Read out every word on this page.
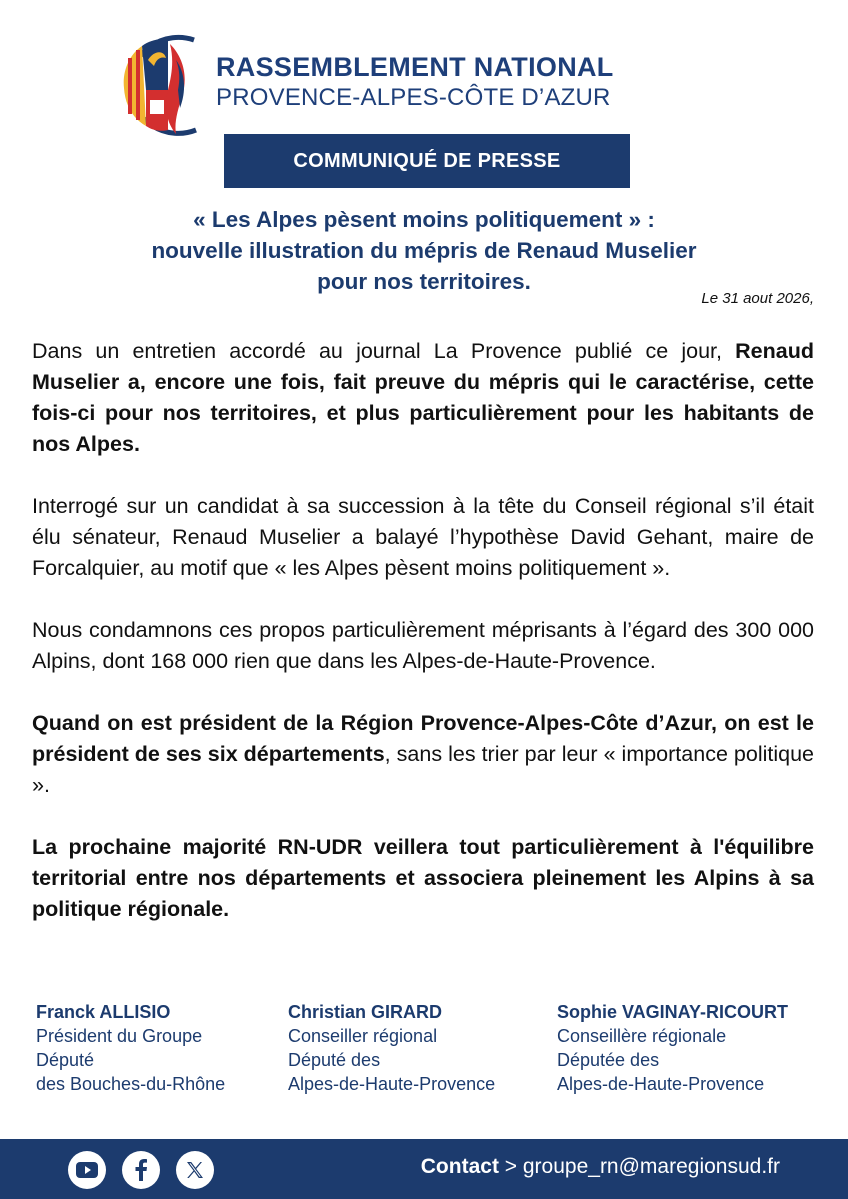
RASSEMBLEMENT NATIONAL
PROVENCE-ALPES-CÔTE D’AZUR
COMMUNIQUÉ DE PRESSE
« Les Alpes pèsent moins politiquement » :
nouvelle illustration du mépris de Renaud Muselier
pour nos territoires.
Le 31 aout 2026,

Dans un entretien accordé au journal La Provence publié ce jour, Renaud Muselier a, encore une fois, fait preuve du mépris qui le caractérise, cette fois-ci pour nos territoires, et plus particulièrement pour les habitants de nos Alpes.

Interrogé sur un candidat à sa succession à la tête du Conseil régional s’il était élu sénateur, Renaud Muselier a balayé l’hypothèse David Gehant, maire de Forcalquier, au motif que « les Alpes pèsent moins politiquement ».

Nous condamnons ces propos particulièrement méprisants à l’égard des 300 000 Alpins, dont 168 000 rien que dans les Alpes-de-Haute-Provence.

Quand on est président de la Région Provence-Alpes-Côte d’Azur, on est le président de ses six départements, sans les trier par leur « importance politique ».

La prochaine majorité RN-UDR veillera tout particulièrement à l'équilibre territorial entre nos départements et associera pleinement les Alpins à sa politique régionale.

Franck ALLISIO
Président du Groupe
Député
des Bouches-du-Rhône
Christian GIRARD
Conseiller régional
Député des
Alpes-de-Haute-Provence
Sophie VAGINAY-RICOURT
Conseillère régionale
Députée des
Alpes-de-Haute-Provence
Contact > groupe_rn@maregionsud.fr
